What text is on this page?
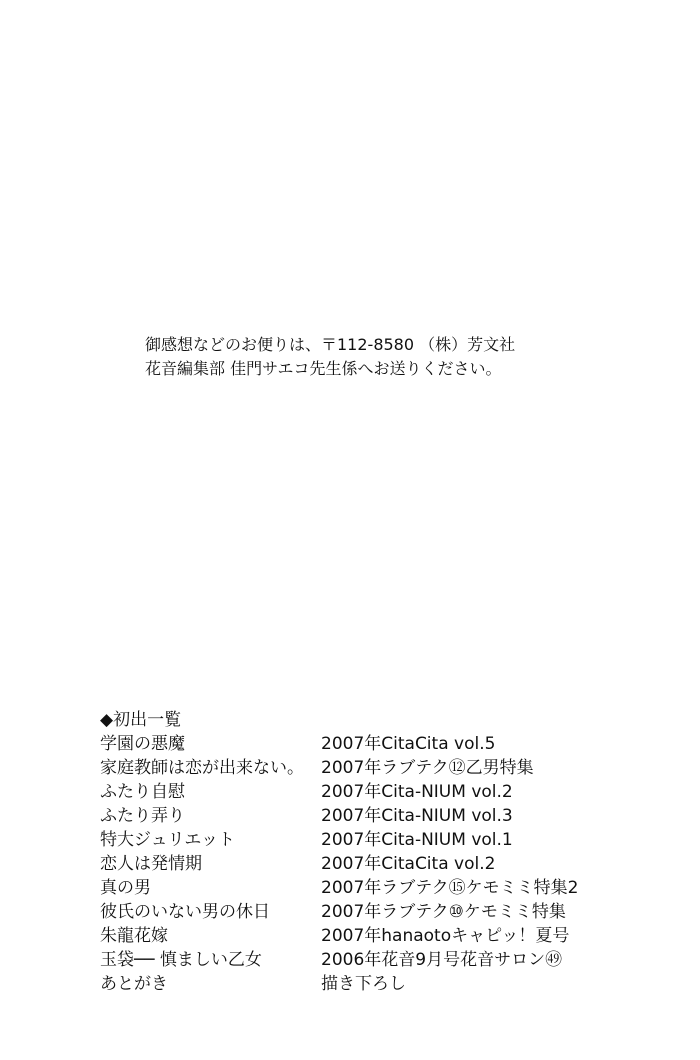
御感想などのお便りは、〒112-8580 （株）芳文社
花音編集部 佳門サエコ先生係へお送りください。
◆初出一覧
学園の悪魔	2007年CitaCita vol.5
家庭教師は恋が出来ない。	2007年ラブテク⑫乙男特集
ふたり自慰	2007年Cita-NIUM vol.2
ふたり弄り	2007年Cita-NIUM vol.3
特大ジュリエット	2007年Cita-NIUM vol.1
恋人は発情期	2007年CitaCita vol.2
真の男	2007年ラブテク⑮ケモミミ特集2
彼氏のいない男の休日	2007年ラブテク⑩ケモミミ特集
朱龍花嫁	2007年hanaotoキャピッ！夏号
玉袋── 慎ましい乙女	2006年花音9月号花音サロン㊾
あとがき	描き下ろし
